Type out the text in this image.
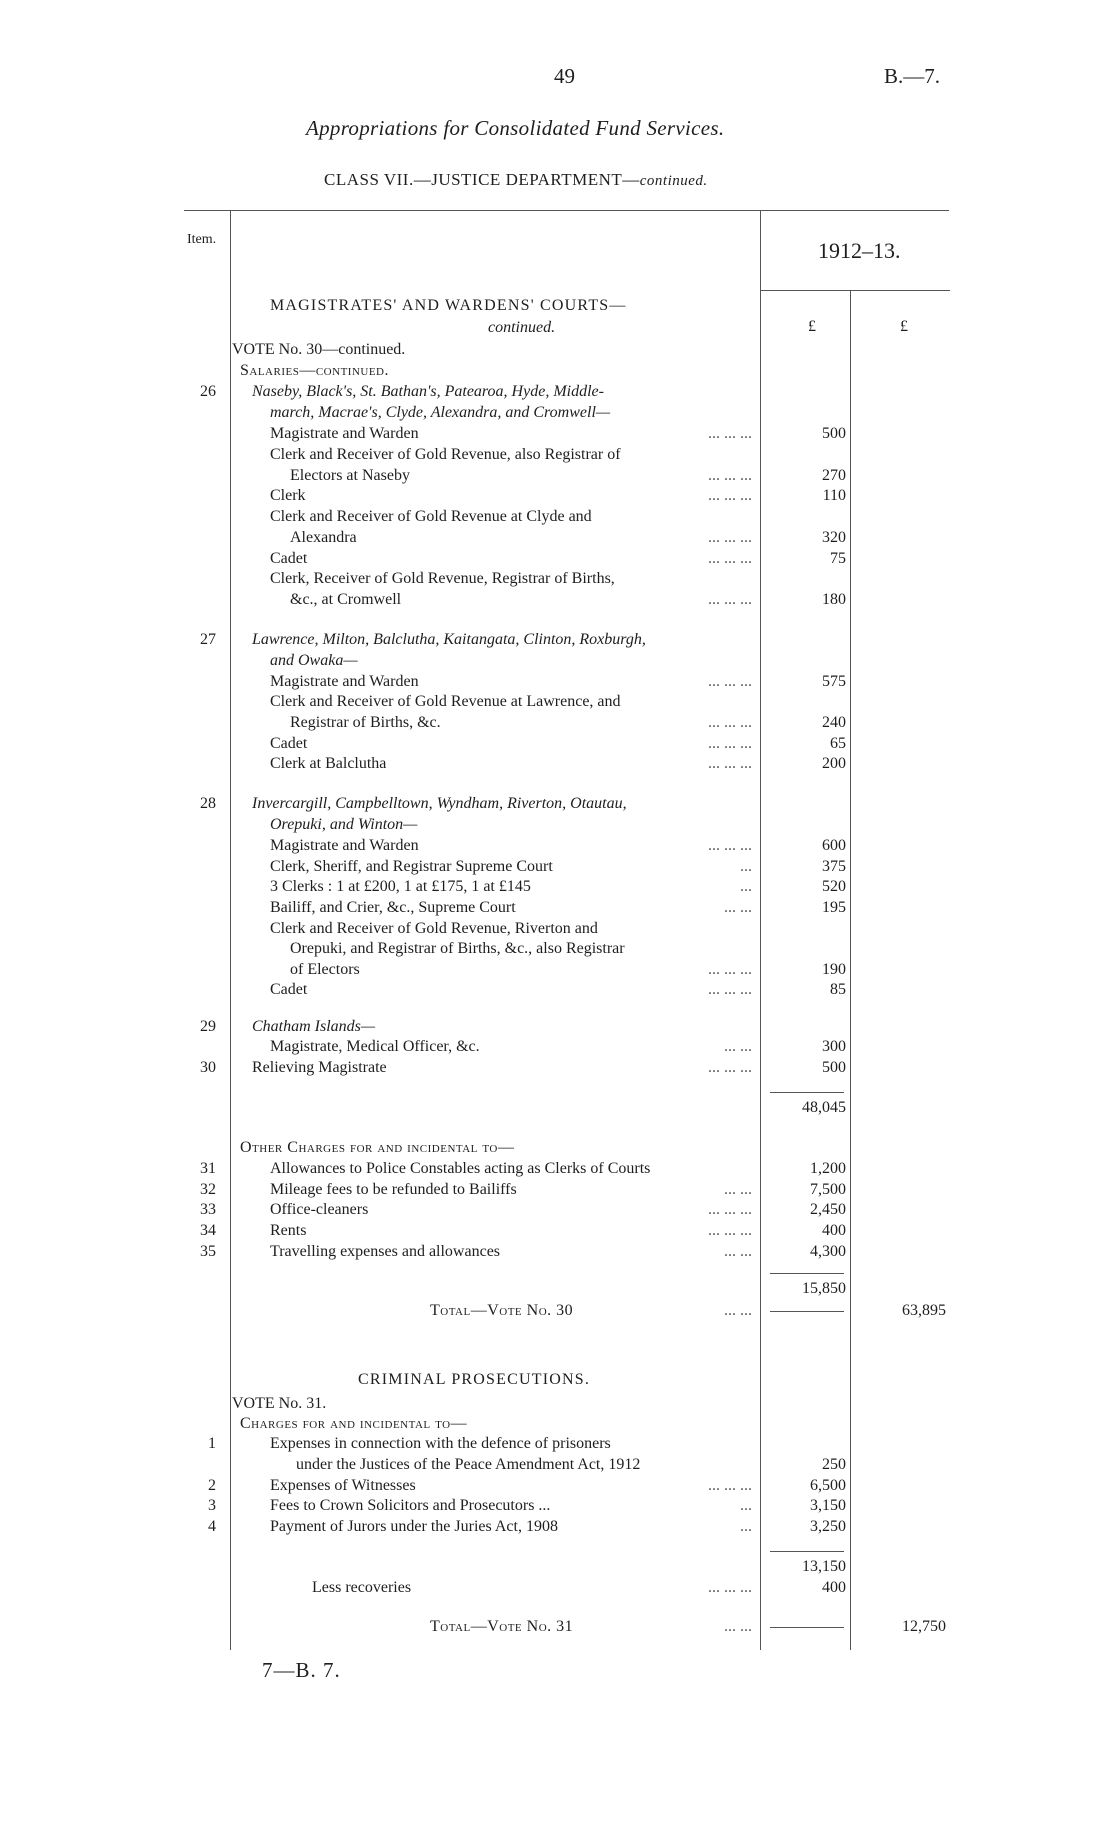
49	B.—7.
Appropriations for Consolidated Fund Services.
CLASS VII.—JUSTICE DEPARTMENT—continued.
Item.	1912–13.
£	£
MAGISTRATES' AND WARDENS' COURTS—
continued.
VOTE No. 30—continued.
Salaries—continued.
26 Naseby, Black's, St. Bathan's, Patearoa, Hyde, Middle-
march, Macrae's, Clyde, Alexandra, and Cromwell—
Magistrate and Warden	... ... ...	500
Clerk and Receiver of Gold Revenue, also Registrar of
Electors at Naseby	... ... ...	270
Clerk	... ... ...	110
Clerk and Receiver of Gold Revenue at Clyde and
Alexandra	... ... ...	320
Cadet	... ... ...	75
Clerk, Receiver of Gold Revenue, Registrar of Births,
&c., at Cromwell	... ... ...	180
27 Lawrence, Milton, Balclutha, Kaitangata, Clinton, Roxburgh,
and Owaka—
Magistrate and Warden	... ... ...	575
Clerk and Receiver of Gold Revenue at Lawrence, and
Registrar of Births, &c.	... ... ...	240
Cadet	... ... ...	65
Clerk at Balclutha	... ... ...	200
28 Invercargill, Campbelltown, Wyndham, Riverton, Otautau,
Orepuki, and Winton—
Magistrate and Warden	... ... ...	600
Clerk, Sheriff, and Registrar Supreme Court	...	375
3 Clerks : 1 at £200, 1 at £175, 1 at £145	...	520
Bailiff, and Crier, &c., Supreme Court	... ...	195
Clerk and Receiver of Gold Revenue, Riverton and
Orepuki, and Registrar of Births, &c., also Registrar
of Electors	... ... ...	190
Cadet	... ... ...	85
29 Chatham Islands—
Magistrate, Medical Officer, &c.	... ...	300
30 Relieving Magistrate	... ... ...	500
48,045
Other Charges for and incidental to—
31	Allowances to Police Constables acting as Clerks of Courts	1,200
32	Mileage fees to be refunded to Bailiffs	... ...	7,500
33	Office-cleaners	... ... ...	2,450
34	Rents	... ... ...	400
35	Travelling expenses and allowances	... ...	4,300
15,850
Total—Vote No. 30	... ...	63,895
CRIMINAL PROSECUTIONS.
VOTE No. 31.
Charges for and incidental to—
1	Expenses in connection with the defence of prisoners
under the Justices of the Peace Amendment Act, 1912	250
2	Expenses of Witnesses	... ... ...	6,500
3	Fees to Crown Solicitors and Prosecutors ...	...	3,150
4	Payment of Jurors under the Juries Act, 1908	...	3,250
13,150
Less recoveries	... ... ...	400
Total—Vote No. 31	... ...	12,750
7—B. 7.
